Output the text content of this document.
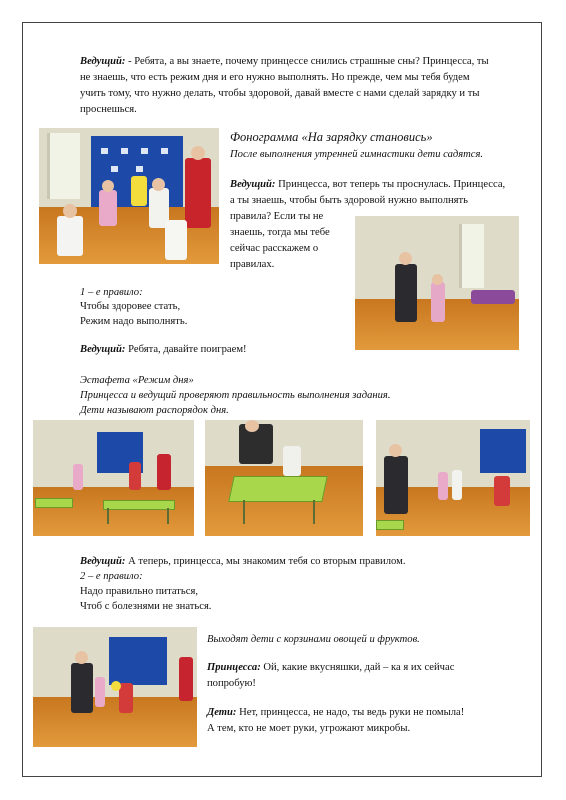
Ведущий: - Ребята, а вы знаете, почему принцессе снились страшные сны? Принцесса, ты

не знаешь, что есть режим дня и его нужно выполнять. Но прежде, чем мы тебя будем

учить тому, что нужно делать, чтобы здоровой, давай вместе с нами сделай зарядку и ты

проснешься.

Фонограмма «На зарядку становись»

После выполнения утренней гимнастики дети садятся.

Ведущий: Принцесса, вот теперь ты проснулась. Принцесса,

а ты знаешь, чтобы быть здоровой нужно выполнять

правила? Если ты не

знаешь, тогда мы тебе

сейчас расскажем о

правилах.

1 – е правило:

Чтобы здоровее стать,

Режим надо выполнять.

Ведущий: Ребята, давайте поиграем!

Эстафета «Режим дня»

Принцесса и ведущий проверяют правильность выполнения задания.

Дети называют распорядок дня.

Ведущий: А теперь, принцесса, мы знакомим тебя со вторым правилом.

2 – е правило:

Надо правильно питаться,

Чтоб с болезнями не знаться.

Выходят дети с корзинами овощей и фруктов.

Принцесса: Ой, какие вкусняшки, дай – ка я их сейчас

попробую!

Дети: Нет, принцесса, не надо, ты ведь руки не помыла!

А тем, кто не моет руки, угрожают микробы.
